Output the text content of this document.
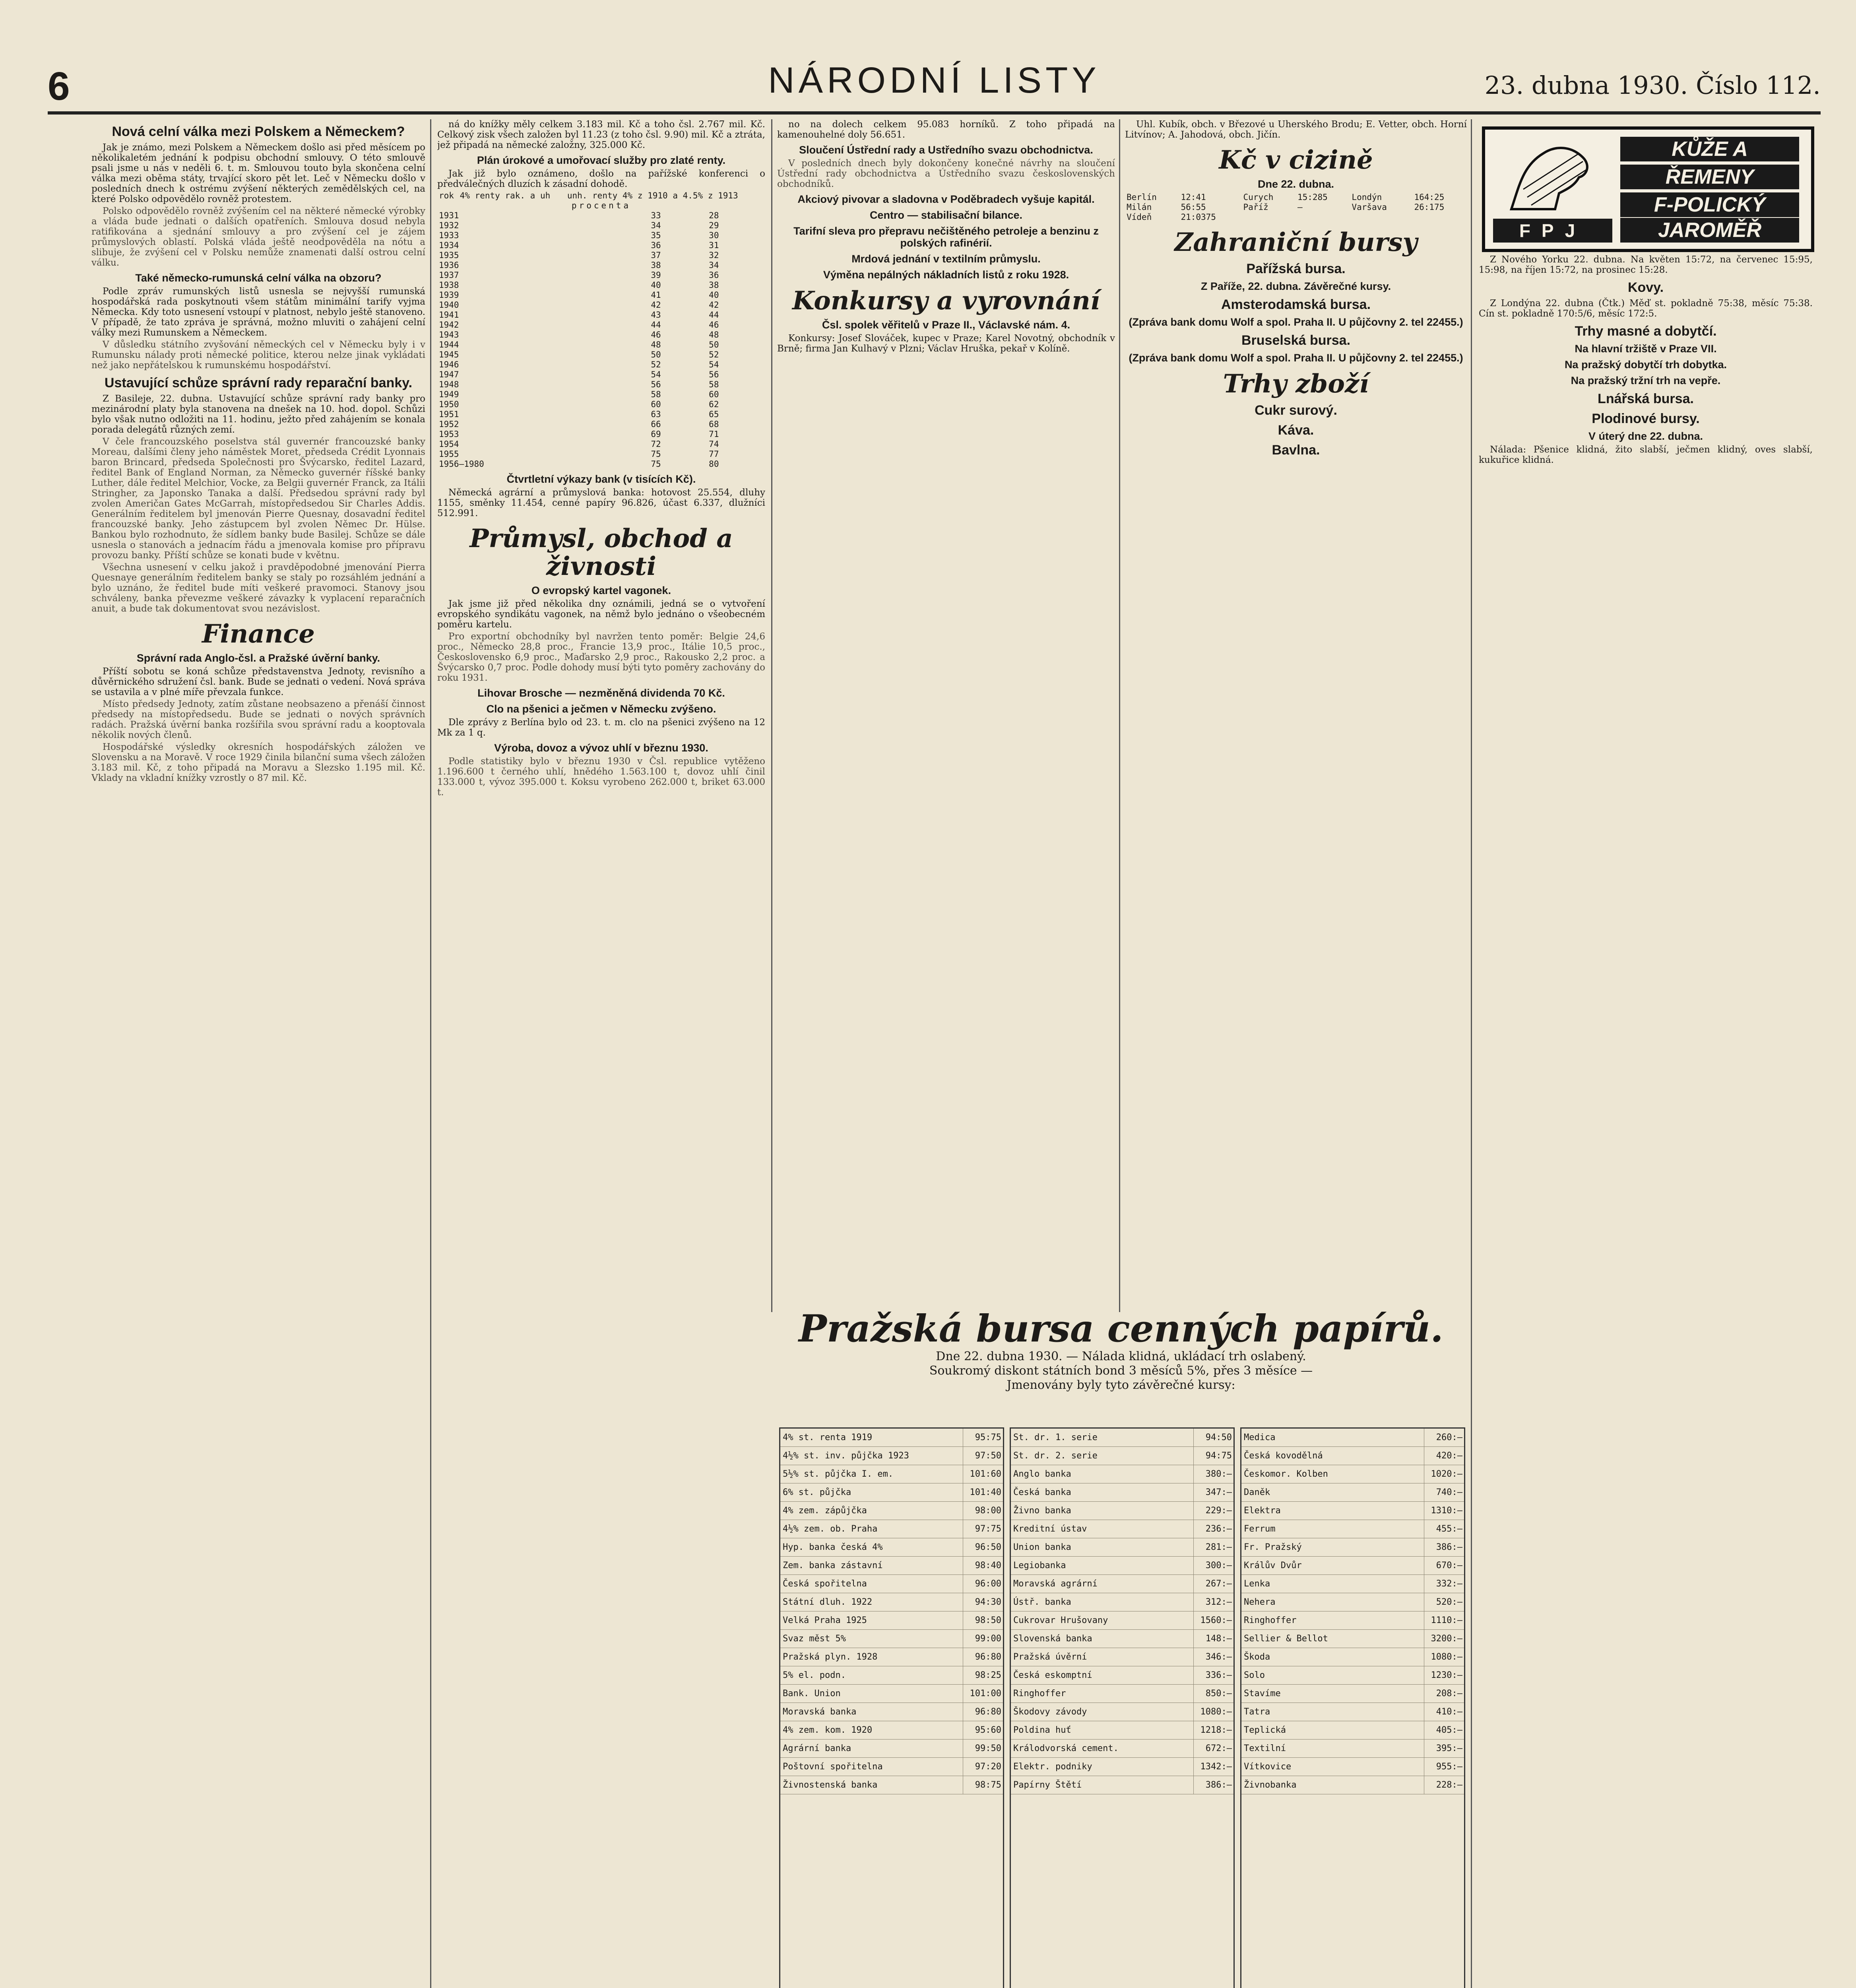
6	NÁRODNÍ LISTY	23. dubna 1930. Číslo 112.
Nová celní válka mezi Polskem a Německem?

Jak je známo, mezi Polskem a Německem došlo asi před měsícem po několikaletém jednání k podpisu obchodní smlouvy. O této smlouvě psali jsme u nás v neděli 6. t. m. Smlouvou touto byla skončena celní válka mezi oběma státy, trvající skoro pět let. Leč v Německu došlo v posledních dnech k ostrému zvýšení některých zemědělských cel, na které Polsko odpovědělo rovněž protestem.

Polsko odpovědělo rovněž zvýšením cel na některé německé výrobky a vláda bude jednati o dalších opatřeních. Smlouva dosud nebyla ratifikována a sjednání smlouvy a pro zvýšení cel je zájem průmyslových oblastí. Polská vláda ještě neodpověděla na nótu a slibuje, že zvýšení cel v Polsku nemůže znamenati další ostrou celní válku.

Také německo-rumunská celní válka na obzoru?

Podle zpráv rumunských listů usnesla se nejvyšší rumunská hospodářská rada poskytnouti všem státům minimální tarify vyjma Německa. Kdy toto usnesení vstoupí v platnost, nebylo ještě stanoveno. V případě, že tato zpráva je správná, možno mluviti o zahájení celní války mezi Rumunskem a Německem.

V důsledku státního zvyšování německých cel v Německu byly i v Rumunsku nálady proti německé politice, kterou nelze jinak vykládati než jako nepřátelskou k rumunskému hospodářství.

Ustavující schůze správní rady reparační banky.

Z Basileje, 22. dubna. Ustavující schůze správní rady banky pro mezinárodní platy byla stanovena na dnešek na 10. hod. dopol. Schůzi bylo však nutno odložiti na 11. hodinu, ježto před zahájením se konala porada delegátů různých zemí.

V čele francouzského poselstva stál guvernér francouzské banky Moreau, dalšími členy jeho náměstek Moret, předseda Crédit Lyonnais baron Brincard, předseda Společnosti pro Švýcarsko, ředitel Lazard, ředitel Bank of England Norman, za Německo guvernér říšské banky Luther, dále ředitel Melchior, Vocke, za Belgii guvernér Franck, za Itálii Stringher, za Japonsko Tanaka a další. Předsedou správní rady byl zvolen Američan Gates McGarrah, místopředsedou Sir Charles Addis. Generálním ředitelem byl jmenován Pierre Quesnay, dosavadní ředitel francouzské banky. Jeho zástupcem byl zvolen Němec Dr. Hülse. Bankou bylo rozhodnuto, že sídlem banky bude Basilej. Schůze se dále usnesla o stanovách a jednacím řádu a jmenovala komise pro přípravu provozu banky. Příští schůze se konati bude v květnu.

Všechna usnesení v celku jakož i pravděpodobné jmenování Pierra Quesnaye generálním ředitelem banky se staly po rozsáhlém jednání a bylo uznáno, že ředitel bude míti veškeré pravomoci. Stanovy jsou schváleny, banka převezme veškeré závazky k vyplacení reparačních anuit, a bude tak dokumentovat svou nezávislost.

Finance
Správní rada Anglo-čsl. a Pražské úvěrní banky.

Příští sobotu se koná schůze představenstva Jednoty, revisního a důvěrnického sdružení čsl. bank. Bude se jednati o vedení. Nová správa se ustavila a v plné míře převzala funkce.

Místo předsedy Jednoty, zatím zůstane neobsazeno a přenáší činnost předsedy na místopředsedu. Bude se jednati o nových správních radách. Pražská úvěrní banka rozšířila svou správní radu a kooptovala několik nových členů.

Hospodářské výsledky okresních hospodářských záložen ve Slovensku a na Moravě. V roce 1929 činila bilanční suma všech záložen 3.183 mil. Kč, z toho připadá na Moravu a Slezsko 1.195 mil. Kč. Vklady na vkladní knížky vzrostly o 87 mil. Kč.

ná do knížky měly celkem 3.183 mil. Kč a toho čsl. 2.767 mil. Kč. Celkový zisk všech založen byl 11.23 (z toho čsl. 9.90) mil. Kč a ztráta, jež připadá na německé založny, 325.000 Kč.

Plán úrokové a umořovací služby pro zlaté renty.

Jak již bylo oznámeno, došlo na pařížské konferenci o předválečných dluzích k zásadní dohodě.

rok	4% renty rak. a uh	unh. renty 4% z 1910 a 4.5% z 1913
procenta
1931	33	28
1932	34	29
1933	35	30
1934	36	31
1935	37	32
1936	38	34
1937	39	36
1938	40	38
1939	41	40
1940	42	42
1941	43	44
1942	44	46
1943	46	48
1944	48	50
1945	50	52
1946	52	54
1947	54	56
1948	56	58
1949	58	60
1950	60	62
1951	63	65
1952	66	68
1953	69	71
1954	72	74
1955	75	77
1956–1980	75	80
Čtvrtletní výkazy bank (v tisících Kč).

Německá agrární a průmyslová banka: hotovost 25.554, dluhy 1155, směnky 11.454, cenné papíry 96.826, účast 6.337, dlužníci 512.991.

Průmysl, obchod a živnosti
O evropský kartel vagonek.

Jak jsme již před několika dny oznámili, jedná se o vytvoření evropského syndikátu vagonek, na němž bylo jednáno o všeobecném poměru kartelu.

Pro exportní obchodníky byl navržen tento poměr: Belgie 24,6 proc., Německo 28,8 proc., Francie 13,9 proc., Itálie 10,5 proc., Československo 6,9 proc., Maďarsko 2,9 proc., Rakousko 2,2 proc. a Švýcarsko 0,7 proc. Podle dohody musí býti tyto poměry zachovány do roku 1931.

Lihovar Brosche — nezměněná dividenda 70 Kč.
Clo na pšenici a ječmen v Německu zvýšeno.

Dle zprávy z Berlína bylo od 23. t. m. clo na pšenici zvýšeno na 12 Mk za 1 q.

Výroba, dovoz a vývoz uhlí v březnu 1930.

Podle statistiky bylo v březnu 1930 v Čsl. republice vytěženo 1.196.600 t černého uhlí, hnědého 1.563.100 t, dovoz uhlí činil 133.000 t, vývoz 395.000 t. Koksu vyrobeno 262.000 t, briket 63.000 t.

no na dolech celkem 95.083 horníků. Z toho připadá na kamenouhelné doly 56.651.

Sloučení Ústřední rady a Ustředního svazu obchodnictva.

V posledních dnech byly dokončeny konečné návrhy na sloučení Ústřední rady obchodnictva a Ústředního svazu československých obchodníků.

Akciový pivovar a sladovna v Poděbradech vyšuje kapitál.
Centro — stabilisační bilance.
Tarifní sleva pro přepravu nečištěného petroleje a benzinu z polských rafinérií.
Mrdová jednání v textilním průmyslu.
Výměna nepálných nákladních listů z roku 1928.
Konkursy a vyrovnání
Čsl. spolek věřitelů v Praze II., Václavské nám. 4.

Konkursy: Josef Slováček, kupec v Praze; Karel Novotný, obchodník v Brně; firma Jan Kulhavý v Plzni; Václav Hruška, pekař v Kolíně.

Uhl. Kubík, obch. v Březové u Uherského Brodu; E. Vetter, obch. Horní Litvínov; A. Jahodová, obch. Jičín.

Kč v cizině
Dne 22. dubna.
Berlín	12:41	Curych	15:285	Londýn	164:25
Milán	56:55	Paříž	—	Varšava	26:175
Vídeň	21:0375				
Zahraniční bursy
Pařížská bursa.
Z Paříže, 22. dubna. Závěrečné kursy.
Amsterodamská bursa.
(Zpráva bank domu Wolf a spol. Praha II. U půjčovny 2. tel 22455.)
Bruselská bursa.
(Zpráva bank domu Wolf a spol. Praha II. U půjčovny 2. tel 22455.)
Trhy zboží
Cukr surový.
Káva.
Bavlna.
KŮŽE A
ŘEMENY
F-POLICKÝ
JAROMĚŘ
FPJ

Z Nového Yorku 22. dubna. Na květen 15:72, na červenec 15:95, 15:98, na říjen 15:72, na prosinec 15:28.

Kovy.

Z Londýna 22. dubna (Čtk.) Měď st. pokladně 75:38, měsíc 75:38. Cín st. pokladně 170:5/6, měsíc 172:5.

Trhy masné a dobytčí.
Na hlavní tržiště v Praze VII.
Na pražský dobytčí trh dobytka.
Na pražský tržní trh na vepře.
Lnářská bursa.
Plodinové bursy.
V úterý dne 22. dubna.

Nálada: Pšenice klidná, žito slabší, ječmen klidný, oves slabší, kukuřice klidná.

Pražská bursa cenných papírů.
Dne 22. dubna 1930. — Nálada klidná, ukládací trh oslabený.
Soukromý diskont státních bond 3 měsíců 5%, přes 3 měsíce —
Jmenovány byly tyto závěrečné kursy:
4% st. renta 1919	95:75
4½% st. inv. půjčka 1923	97:50
5½% st. půjčka I. em.	101:60
6% st. půjčka	101:40
4% zem. zápůjčka	98:00
4½% zem. ob. Praha	97:75
Hyp. banka česká 4%	96:50
Zem. banka zástavní	98:40
Česká spořitelna	96:00
Státní dluh. 1922	94:30
Velká Praha 1925	98:50
Svaz měst 5%	99:00
Pražská plyn. 1928	96:80
5% el. podn.	98:25
Bank. Union	101:00
Moravská banka	96:80
4% zem. kom. 1920	95:60
Agrární banka	99:50
Poštovní spořitelna	97:20
Živnostenská banka	98:75
St. dr. 1. serie	94:50
St. dr. 2. serie	94:75
Anglo banka	380:—
Česká banka	347:—
Živno banka	229:—
Kreditní ústav	236:—
Union banka	281:—
Legiobanka	300:—
Moravská agrární	267:—
Ústř. banka	312:—
Cukrovar Hrušovany	1560:—
Slovenská banka	148:—
Pražská úvěrní	346:—
Česká eskomptní	336:—
Ringhoffer	850:—
Škodovy závody	1080:—
Poldina huť	1218:—
Králodvorská cement.	672:—
Elektr. podniky	1342:—
Papírny Štětí	386:—
Medica	260:—
Česká kovodělná	420:—
Českomor. Kolben	1020:—
Daněk	740:—
Elektra	1310:—
Ferrum	455:—
Fr. Pražský	386:—
Králův Dvůr	670:—
Lenka	332:—
Nehera	520:—
Ringhoffer	1110:—
Sellier & Bellot	3200:—
Škoda	1080:—
Solo	1230:—
Stavíme	208:—
Tatra	410:—
Teplická	405:—
Textilní	395:—
Vítkovice	955:—
Živnobanka	228:—
